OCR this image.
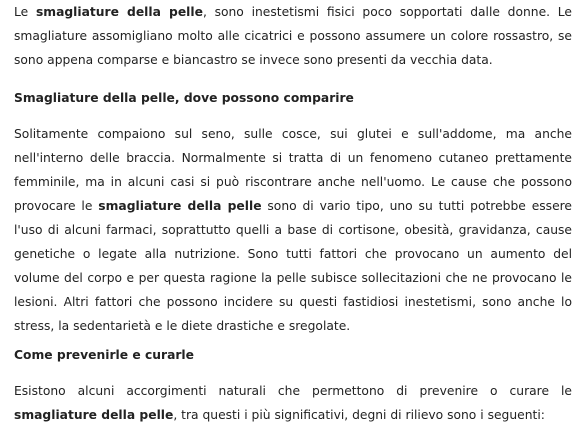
Le smagliature della pelle, sono inestetismi fisici poco sopportati dalle donne. Le smagliature assomigliano molto alle cicatrici e possono assumere un colore rossastro, se sono appena comparse e biancastro se invece sono presenti da vecchia data.

Smagliature della pelle, dove possono comparire

Solitamente compaiono sul seno, sulle cosce, sui glutei e sull'addome, ma anche nell'interno delle braccia. Normalmente si tratta di un fenomeno cutaneo prettamente femminile, ma in alcuni casi si può riscontrare anche nell'uomo. Le cause che possono provocare le smagliature della pelle sono di vario tipo, uno su tutti potrebbe essere l'uso di alcuni farmaci, soprattutto quelli a base di cortisone, obesità, gravidanza, cause genetiche o legate alla nutrizione. Sono tutti fattori che provocano un aumento del volume del corpo e per questa ragione la pelle subisce sollecitazioni che ne provocano le lesioni. Altri fattori che possono incidere su questi fastidiosi inestetismi, sono anche lo stress, la sedentarietà e le diete drastiche e sregolate.

Come prevenirle e curarle

Esistono alcuni accorgimenti naturali che permettono di prevenire o curare le smagliature della pelle, tra questi i più significativi, degni di rilievo sono i seguenti:
